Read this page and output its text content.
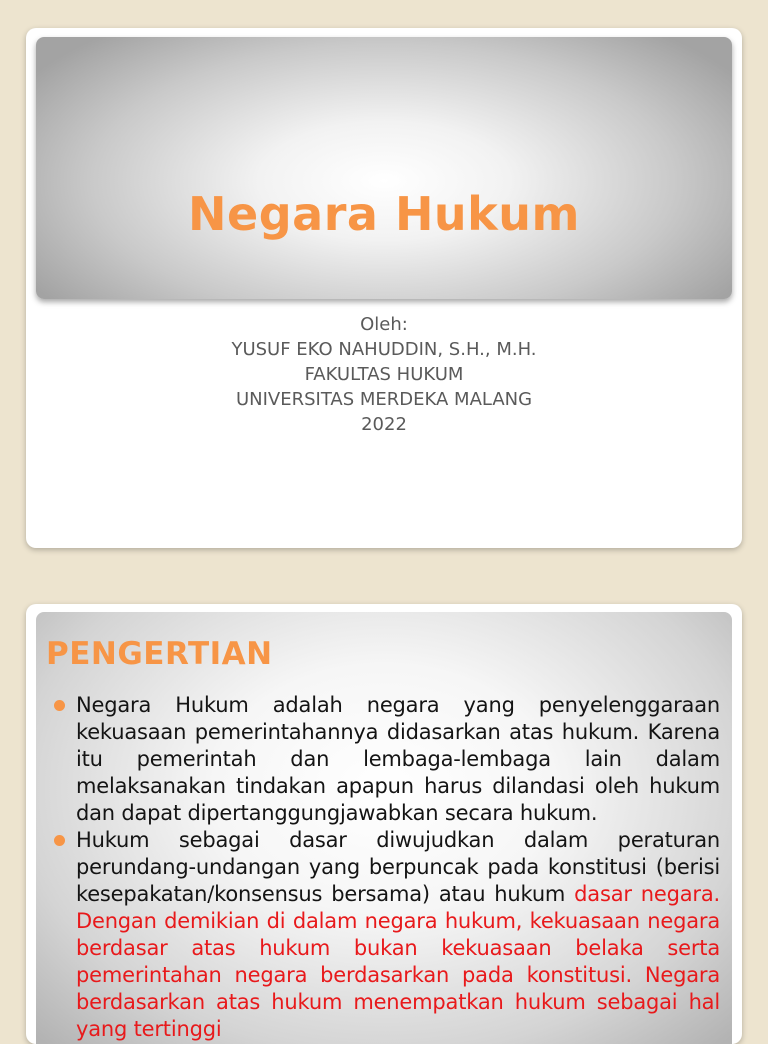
Negara Hukum
Oleh:
YUSUF EKO NAHUDDIN, S.H., M.H.
FAKULTAS HUKUM
UNIVERSITAS MERDEKA MALANG
2022
PENGERTIAN
Negara Hukum adalah negara yang penyelenggaraan kekuasaan pemerintahannya didasarkan atas hukum. Karena itu pemerintah dan lembaga-lembaga lain dalam melaksanakan tindakan apapun harus dilandasi oleh hukum dan dapat dipertanggungjawabkan secara hukum.
Hukum sebagai dasar diwujudkan dalam peraturan perundang-undangan yang berpuncak pada konstitusi (berisi kesepakatan/konsensus bersama) atau hukum dasar negara. Dengan demikian di dalam negara hukum, kekuasaan negara berdasar atas hukum bukan kekuasaan belaka serta pemerintahan negara berdasarkan pada konstitusi. Negara berdasarkan atas hukum menempatkan hukum sebagai hal yang tertinggi
